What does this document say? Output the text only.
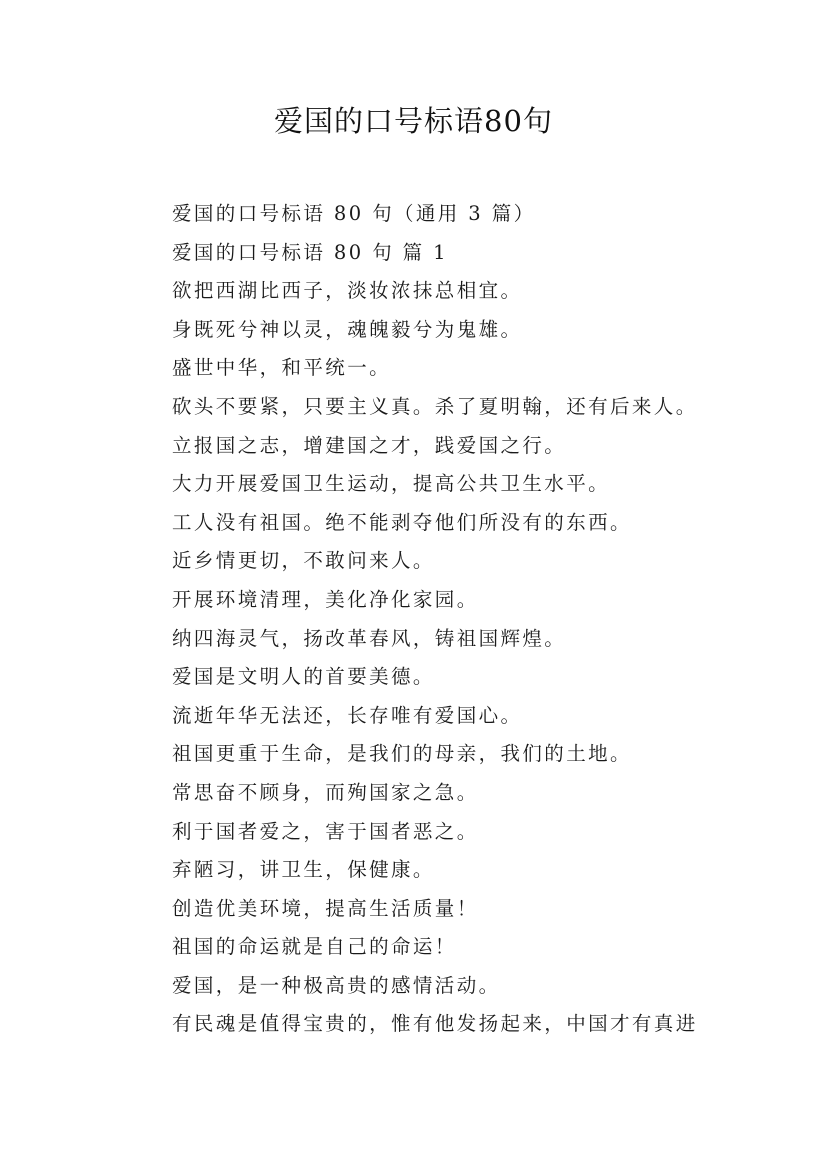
爱国的口号标语80句
爱国的口号标语 80 句（通用 3 篇）
爱国的口号标语 80 句 篇 1
欲把西湖比西子，淡妆浓抹总相宜。
身既死兮神以灵，魂魄毅兮为鬼雄。
盛世中华，和平统一。
砍头不要紧，只要主义真。杀了夏明翰，还有后来人。
立报国之志，增建国之才，践爱国之行。
大力开展爱国卫生运动，提高公共卫生水平。
工人没有祖国。绝不能剥夺他们所没有的东西。
近乡情更切，不敢问来人。
开展环境清理，美化净化家园。
纳四海灵气，扬改革春风，铸祖国辉煌。
爱国是文明人的首要美德。
流逝年华无法还，长存唯有爱国心。
祖国更重于生命，是我们的母亲，我们的土地。
常思奋不顾身，而殉国家之急。
利于国者爱之，害于国者恶之。
弃陋习，讲卫生，保健康。
创造优美环境，提高生活质量！
祖国的命运就是自己的命运！
爱国，是一种极高贵的感情活动。
有民魂是值得宝贵的，惟有他发扬起来，中国才有真进
